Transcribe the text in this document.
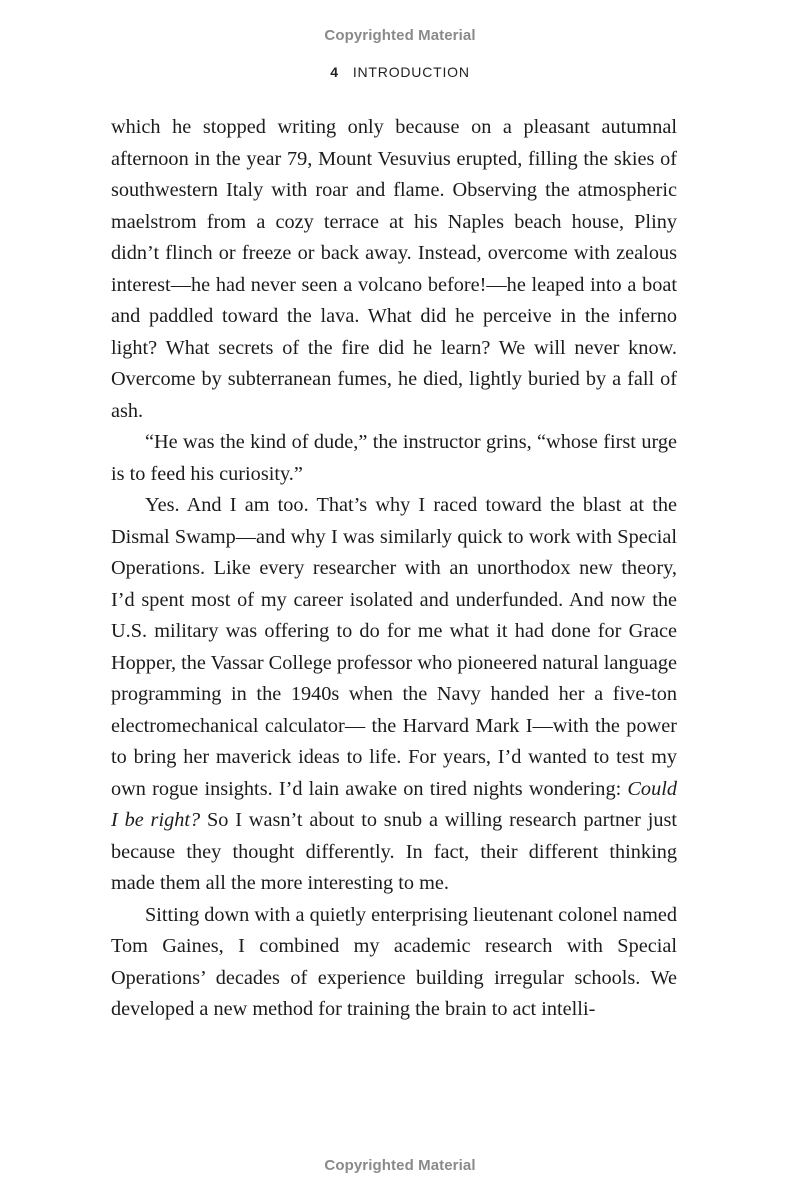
Copyrighted Material
4 INTRODUCTION

which he stopped writing only because on a pleasant autumnal afternoon in the year 79, Mount Vesuvius erupted, filling the skies of southwestern Italy with roar and flame. Observing the atmospheric maelstrom from a cozy terrace at his Naples beach house, Pliny didn’t flinch or freeze or back away. Instead, overcome with zealous interest—he had never seen a volcano before!—he leaped into a boat and paddled toward the lava. What did he perceive in the inferno light? What secrets of the fire did he learn? We will never know. Overcome by subterranean fumes, he died, lightly buried by a fall of ash.

“He was the kind of dude,” the instructor grins, “whose first urge is to feed his curiosity.”

Yes. And I am too. That’s why I raced toward the blast at the Dismal Swamp—and why I was similarly quick to work with Special Operations. Like every researcher with an unorthodox new theory, I’d spent most of my career isolated and underfunded. And now the U.S. military was offering to do for me what it had done for Grace Hopper, the Vassar College professor who pioneered natural language programming in the 1940s when the Navy handed her a five-ton electromechanical calculator— the Harvard Mark I—with the power to bring her maverick ideas to life. For years, I’d wanted to test my own rogue insights. I’d lain awake on tired nights wondering: Could I be right? So I wasn’t about to snub a willing research partner just because they thought differently. In fact, their different thinking made them all the more interesting to me.

Sitting down with a quietly enterprising lieutenant colonel named Tom Gaines, I combined my academic research with Special Operations’ decades of experience building irregular schools. We developed a new method for training the brain to act intelli-

Copyrighted Material
